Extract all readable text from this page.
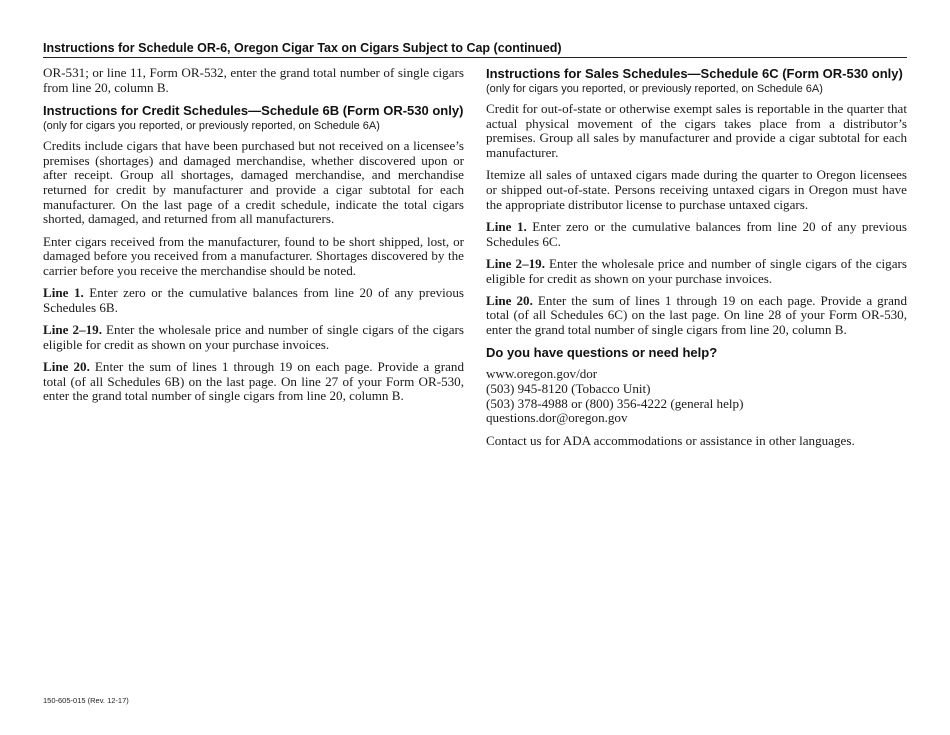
Instructions for Schedule OR-6, Oregon Cigar Tax on Cigars Subject to Cap (continued)

OR-531; or line 11, Form OR-532, enter the grand total number of single cigars from line 20, column B.

Instructions for Credit Schedules—Schedule 6B (Form OR-530 only)
(only for cigars you reported, or previously reported, on Schedule 6A)

Credits include cigars that have been purchased but not received on a licensee’s premises (shortages) and damaged merchandise, whether discovered upon or after receipt. Group all shortages, damaged merchandise, and merchandise returned for credit by manufacturer and provide a cigar subtotal for each manufacturer. On the last page of a credit schedule, indicate the total cigars shorted, damaged, and returned from all manufacturers.

Enter cigars received from the manufacturer, found to be short shipped, lost, or damaged before you received from a manufacturer. Shortages discovered by the carrier before you receive the merchandise should be noted.

Line 1. Enter zero or the cumulative balances from line 20 of any previous Schedules 6B.

Line 2–19. Enter the wholesale price and number of single cigars of the cigars eligible for credit as shown on your purchase invoices.

Line 20. Enter the sum of lines 1 through 19 on each page. Provide a grand total (of all Schedules 6B) on the last page. On line 27 of your Form OR-530, enter the grand total number of single cigars from line 20, column B.

Instructions for Sales Schedules—Schedule 6C (Form OR-530 only)
(only for cigars you reported, or previously reported, on Schedule 6A)

Credit for out-of-state or otherwise exempt sales is reportable in the quarter that actual physical movement of the cigars takes place from a distributor’s premises. Group all sales by manufacturer and provide a cigar subtotal for each manufacturer.

Itemize all sales of untaxed cigars made during the quarter to Oregon licensees or shipped out-of-state. Persons receiving untaxed cigars in Oregon must have the appropriate distributor license to purchase untaxed cigars.

Line 1. Enter zero or the cumulative balances from line 20 of any previous Schedules 6C.

Line 2–19. Enter the wholesale price and number of single cigars of the cigars eligible for credit as shown on your purchase invoices.

Line 20. Enter the sum of lines 1 through 19 on each page. Provide a grand total (of all Schedules 6C) on the last page. On line 28 of your Form OR-530, enter the grand total number of single cigars from line 20, column B.

Do you have questions or need help?

www.oregon.gov/dor

(503) 945-8120 (Tobacco Unit)

(503) 378-4988 or (800) 356-4222 (general help)

questions.dor@oregon.gov

Contact us for ADA accommodations or assistance in other languages.

150-605-015 (Rev. 12-17)
